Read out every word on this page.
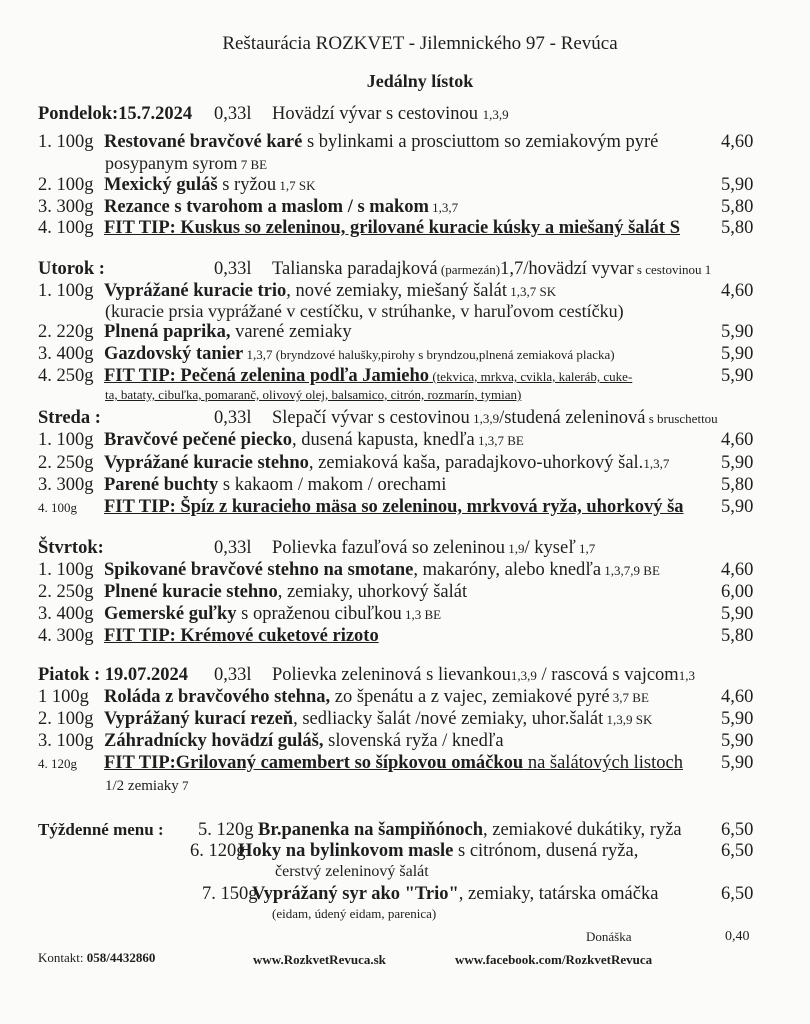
Reštaurácia ROZKVET - Jilemnického 97 - Revúca
Jedálny lístok
Pondelok:15.7.2024 0,33l Hovädzí vývar s cestovinou 1,3,9
1. 100g Restované bravčové karé s bylinkami a prosciuttom so zemiakovým pyré	4,60
posypanym syrom 7 BE
2. 100g Mexický guláš s ryžou 1,7 SK	5,90
3. 300g Rezance s tvarohom a maslom / s makom 1,3,7	5,80
4. 100g FIT TIP: Kuskus so zeleninou, grilované kuracie kúsky a miešaný šalát S	5,80
Utorok :	0,33l Talianska paradajková (parmezán)1,7/hovädzí vyvar s cestovinou 1
1. 100g Vyprážané kuracie trio, nové zemiaky, miešaný šalát 1,3,7 SK	4,60
(kuracie prsia vyprážané v cestíčku, v strúhanke, v haruľovom cestíčku)
2. 220g Plnená paprika, varené zemiaky	5,90
3. 400g Gazdovský tanier 1,3,7 (bryndzové halušky,pirohy s bryndzou,plnená zemiaková placka)	5,90
4. 250g FIT TIP: Pečená zelenina podľa Jamieho (tekvica, mrkva, cvikla, kaleráb, cuke-	5,90
ta, bataty, cibuľka, pomaranč, olivový olej, balsamico, citrón, rozmarín, tymian)
Streda :	0,33l Slepačí vývar s cestovinou 1,3,9/studená zeleninová s bruschettou
1. 100g Bravčové pečené piecko, dusená kapusta, knedľa 1,3,7 BE	4,60
2. 250g Vyprážané kuracie stehno, zemiaková kaša, paradajkovo-uhorkový šal.1,3,7	5,90
3. 300g Parené buchty s kakaom / makom / orechami	5,80
4. 100g FIT TIP: Špíz z kuracieho mäsa so zeleninou, mrkvová ryža, uhorkový ša	5,90
Štvrtok:	0,33l Polievka fazuľová so zeleninou 1,9/ kyseľ 1,7
1. 100g Spikované bravčové stehno na smotane, makaróny, alebo knedľa 1,3,7,9 BE	4,60
2. 250g Plnené kuracie stehno, zemiaky, uhorkový šalát	6,00
3. 400g Gemerské guľky s opraženou cibuľkou 1,3 BE	5,90
4. 300g FIT TIP: Krémové cuketové rizoto	5,80
Piatok : 19.07.2024 0,33l Polievka zeleninová s lievankou1,3,9 / rascová s vajcom1,3
1 100g Roláda z bravčového stehna, zo špenátu a z vajec, zemiakové pyré 3,7 BE	4,60
2. 100g Vyprážaný kurací rezeň, sedliacky šalát /nové zemiaky, uhor.šalát 1,3,9 SK	5,90
3. 100g Záhradnícky hovädzí guláš, slovenská ryža / knedľa	5,90
4. 120g FIT TIP:Grilovaný camembert so šípkovou omáčkou na šalátových listoch	5,90
1/2 zemiaky 7
Týždenné menu : 5. 120g Br.panenka na šampiňónoch, zemiakové dukátiky, ryža 6,50
6. 120gHoky na bylinkovom masle s citrónom, dusená ryža,	6,50
čerstvý zeleninový šalát
7. 150gVyprážaný syr ako "Trio", zemiaky, tatárska omáčka	6,50
(eidam, údený eidam, parenica)
Donáška	0,40
Kontakt: 058/4432860	www.RozkvetRevuca.sk	www.facebook.com/RozkvetRevuca
